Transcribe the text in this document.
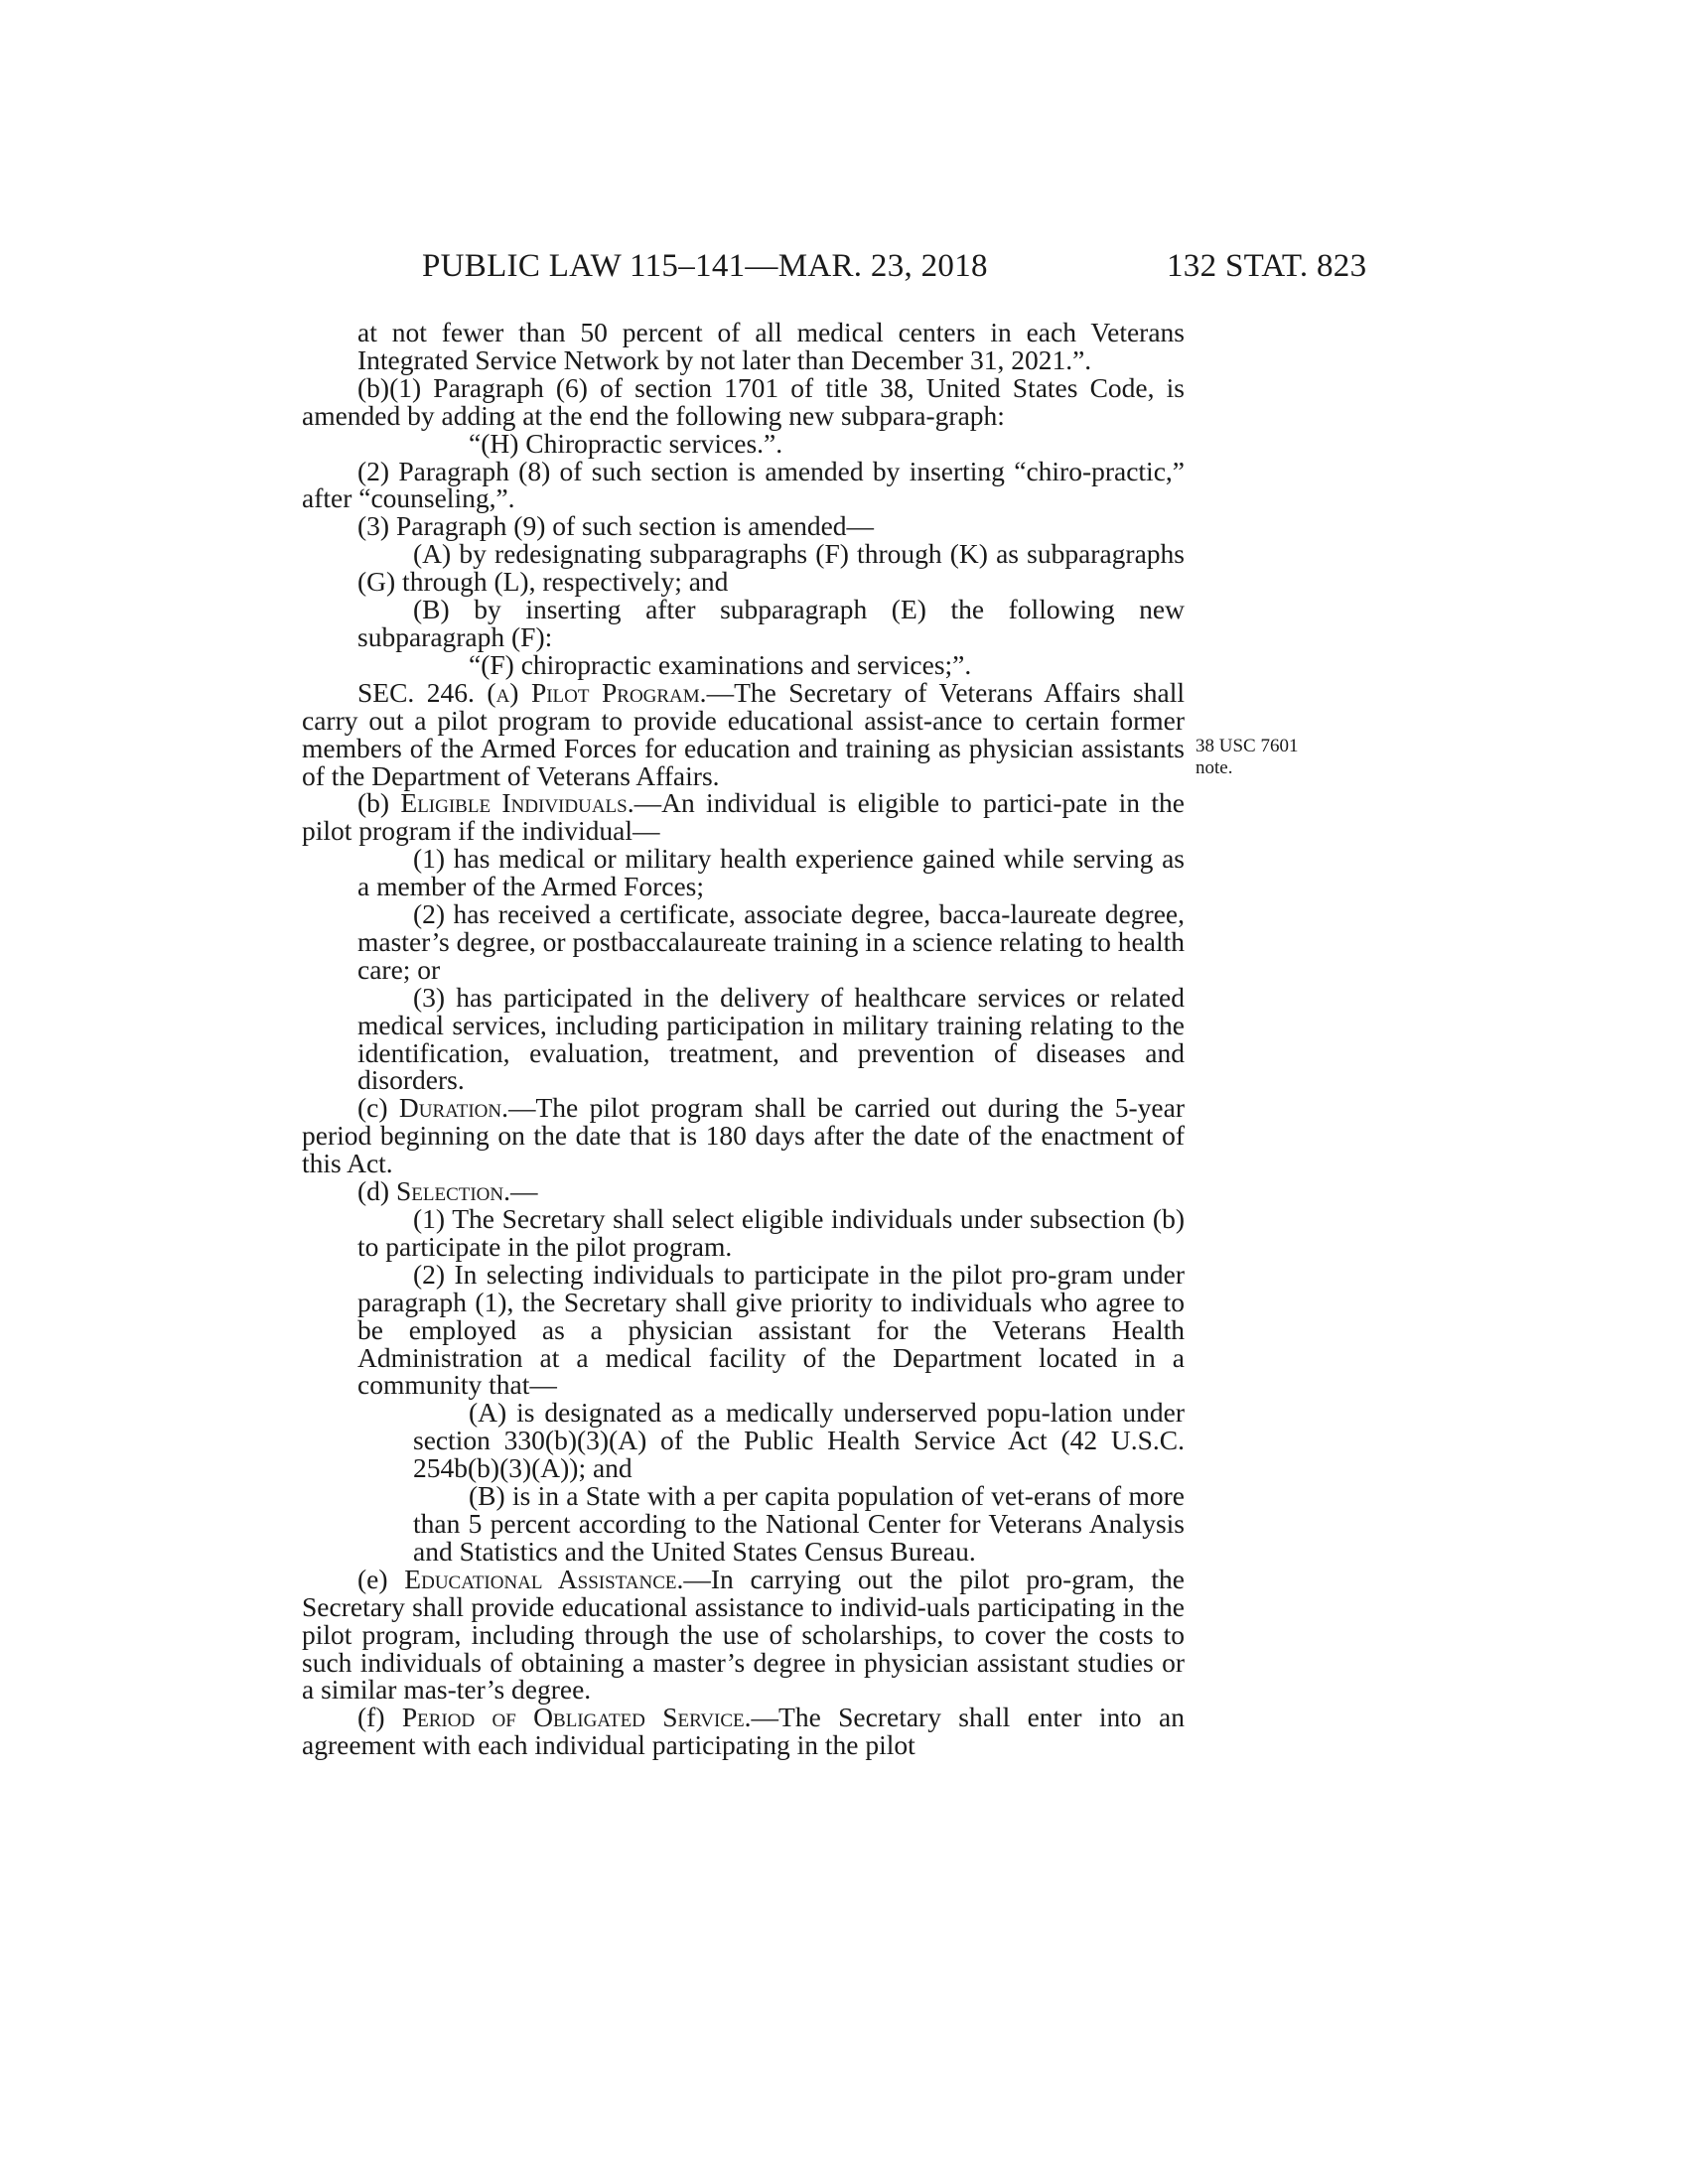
PUBLIC LAW 115–141—MAR. 23, 2018	132 STAT. 823
38 USC 7601
note.

at not fewer than 50 percent of all medical centers in each Veterans Integrated Service Network by not later than December 31, 2021.”.

(b)(1) Paragraph (6) of section 1701 of title 38, United States Code, is amended by adding at the end the following new subpara-graph:

“(H) Chiropractic services.”.

(2) Paragraph (8) of such section is amended by inserting “chiro-practic,” after “counseling,”.

(3) Paragraph (9) of such section is amended—

(A) by redesignating subparagraphs (F) through (K) as subparagraphs (G) through (L), respectively; and

(B) by inserting after subparagraph (E) the following new subparagraph (F):

“(F) chiropractic examinations and services;”.

SEC. 246. (a) Pilot Program.—The Secretary of Veterans Affairs shall carry out a pilot program to provide educational assist-ance to certain former members of the Armed Forces for education and training as physician assistants of the Department of Veterans Affairs.

(b) Eligible Individuals.—An individual is eligible to partici-pate in the pilot program if the individual—

(1) has medical or military health experience gained while serving as a member of the Armed Forces;

(2) has received a certificate, associate degree, bacca-laureate degree, master’s degree, or postbaccalaureate training in a science relating to health care; or

(3) has participated in the delivery of healthcare services or related medical services, including participation in military training relating to the identification, evaluation, treatment, and prevention of diseases and disorders.

(c) Duration.—The pilot program shall be carried out during the 5-year period beginning on the date that is 180 days after the date of the enactment of this Act.

(d) Selection.—

(1) The Secretary shall select eligible individuals under subsection (b) to participate in the pilot program.

(2) In selecting individuals to participate in the pilot pro-gram under paragraph (1), the Secretary shall give priority to individuals who agree to be employed as a physician assistant for the Veterans Health Administration at a medical facility of the Department located in a community that—

(A) is designated as a medically underserved popu-lation under section 330(b)(3)(A) of the Public Health Service Act (42 U.S.C. 254b(b)(3)(A)); and

(B) is in a State with a per capita population of vet-erans of more than 5 percent according to the National Center for Veterans Analysis and Statistics and the United States Census Bureau.

(e) Educational Assistance.—In carrying out the pilot pro-gram, the Secretary shall provide educational assistance to individ-uals participating in the pilot program, including through the use of scholarships, to cover the costs to such individuals of obtaining a master’s degree in physician assistant studies or a similar mas-ter’s degree.

(f) Period of Obligated Service.—The Secretary shall enter into an agreement with each individual participating in the pilot
